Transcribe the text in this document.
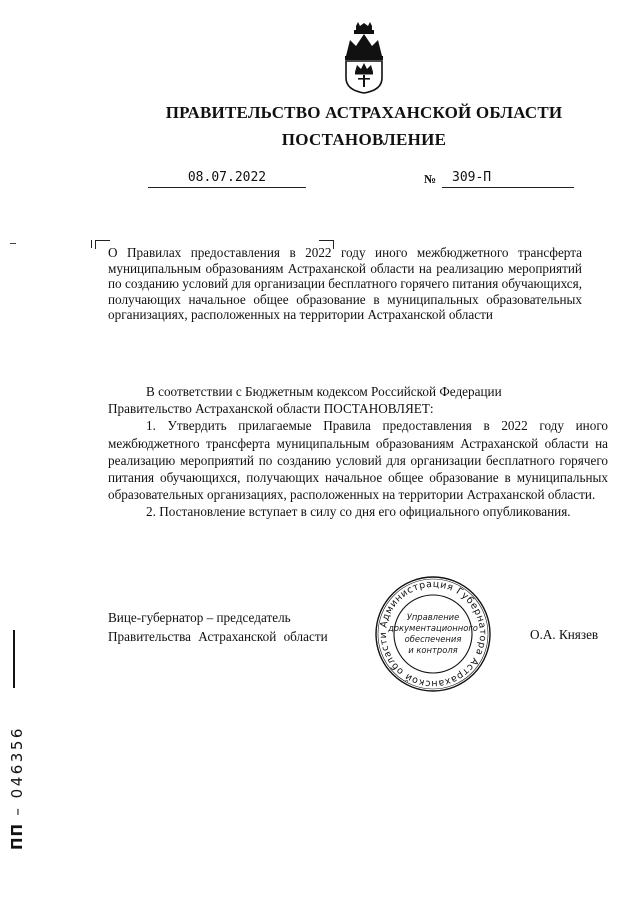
ПРАВИТЕЛЬСТВО АСТРАХАНСКОЙ ОБЛАСТИ
ПОСТАНОВЛЕНИЕ
08.07.2022	№	309-П
О Правилах предоставления в 2022 году иного межбюджетного трансферта муниципальным образованиям Астраханской области на реализацию мероприятий по созданию условий для организации бесплатного горячего питания обучающихся, получающих начальное общее образование в муниципальных образовательных организациях, расположенных на территории Астраханской области

В соответствии с Бюджетным кодексом Российской Федерации

Правительство Астраханской области ПОСТАНОВЛЯЕТ:

1. Утвердить прилагаемые Правила предоставления в 2022 году иного межбюджетного трансферта муниципальным образованиям Астраханской области на реализацию мероприятий по созданию условий для организации бесплатного горячего питания обучающихся, получающих начальное общее образование в муниципальных образовательных организациях, расположенных на территории Астраханской области.

2. Постановление вступает в силу со дня его официального опубликования.

Вице-губернатор – председатель
Правительства Астраханской области
Администрация Губернатора Астраханской области
Управление
документационного
обеспечения
и контроля
О.А. Князев
ПП – 046356
